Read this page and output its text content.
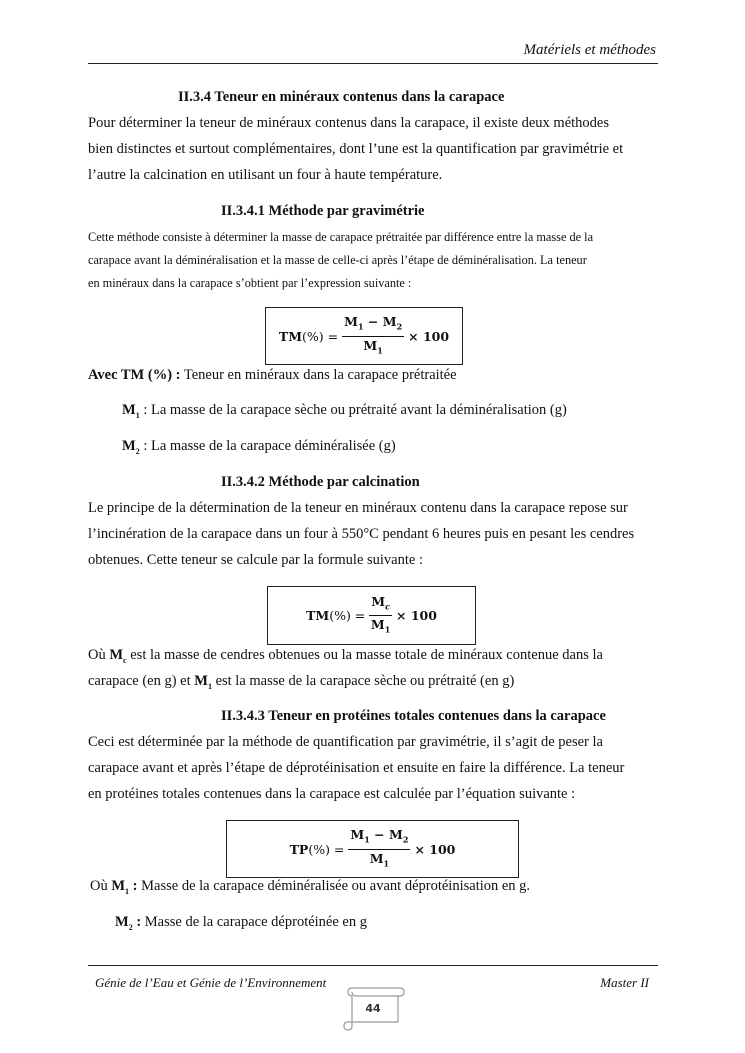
Matériels et méthodes
II.3.4 Teneur en minéraux contenus dans la carapace
Pour déterminer la teneur de minéraux contenus dans la carapace, il existe deux méthodes
bien distinctes et surtout complémentaires, dont l’une est la quantification par gravimétrie et
l’autre la calcination en utilisant un four à haute température.
II.3.4.1 Méthode par gravimétrie
Cette méthode consiste à déterminer la masse de carapace prétraitée par différence entre la masse de la
carapace avant la déminéralisation et la masse de celle-ci après l’étape de déminéralisation. La teneur
en minéraux dans la carapace s’obtient par l’expression suivante :
TM (%) = $\frac{M_1 - M_2}{M_1} \times 100$
Avec TM (%) : Teneur en minéraux dans la carapace prétraitée
$M_1$ : La masse de la carapace sèche ou prétraité avant la déminéralisation (g)
$M_2$ : La masse de la carapace déminéralisée (g)
II.3.4.2 Méthode par calcination
Le principe de la détermination de la teneur en minéraux contenu dans la carapace repose sur
l’incinération de la carapace dans un four à 550°C pendant 6 heures puis en pesant les cendres
obtenues. Cette teneur se calcule par la formule suivante :
TM (%) = $\frac{M_c}{M_1} \times 100$
Où $M_c$ est la masse de cendres obtenues ou la masse totale de minéraux contenue dans la
carapace (en g) et $M_1$ est la masse de la carapace sèche ou prétraité (en g)
II.3.4.3 Teneur en protéines totales contenues dans la carapace
Ceci est déterminée par la méthode de quantification par gravimétrie, il s’agit de peser la
carapace avant et après l’étape de déprotéinisation et ensuite en faire la différence. La teneur
en protéines totales contenues dans la carapace est calculée par l’équation suivante :
TP (%) = $\frac{M_1 - M_2}{M_1} \times 100$
Où $M_1$ : Masse de la carapace déminéralisée ou avant déprotéinisation en g.
$M_2$ : Masse de la carapace déprotéinée en g
Génie de l’Eau et Génie de l’Environnement	Master II
44
